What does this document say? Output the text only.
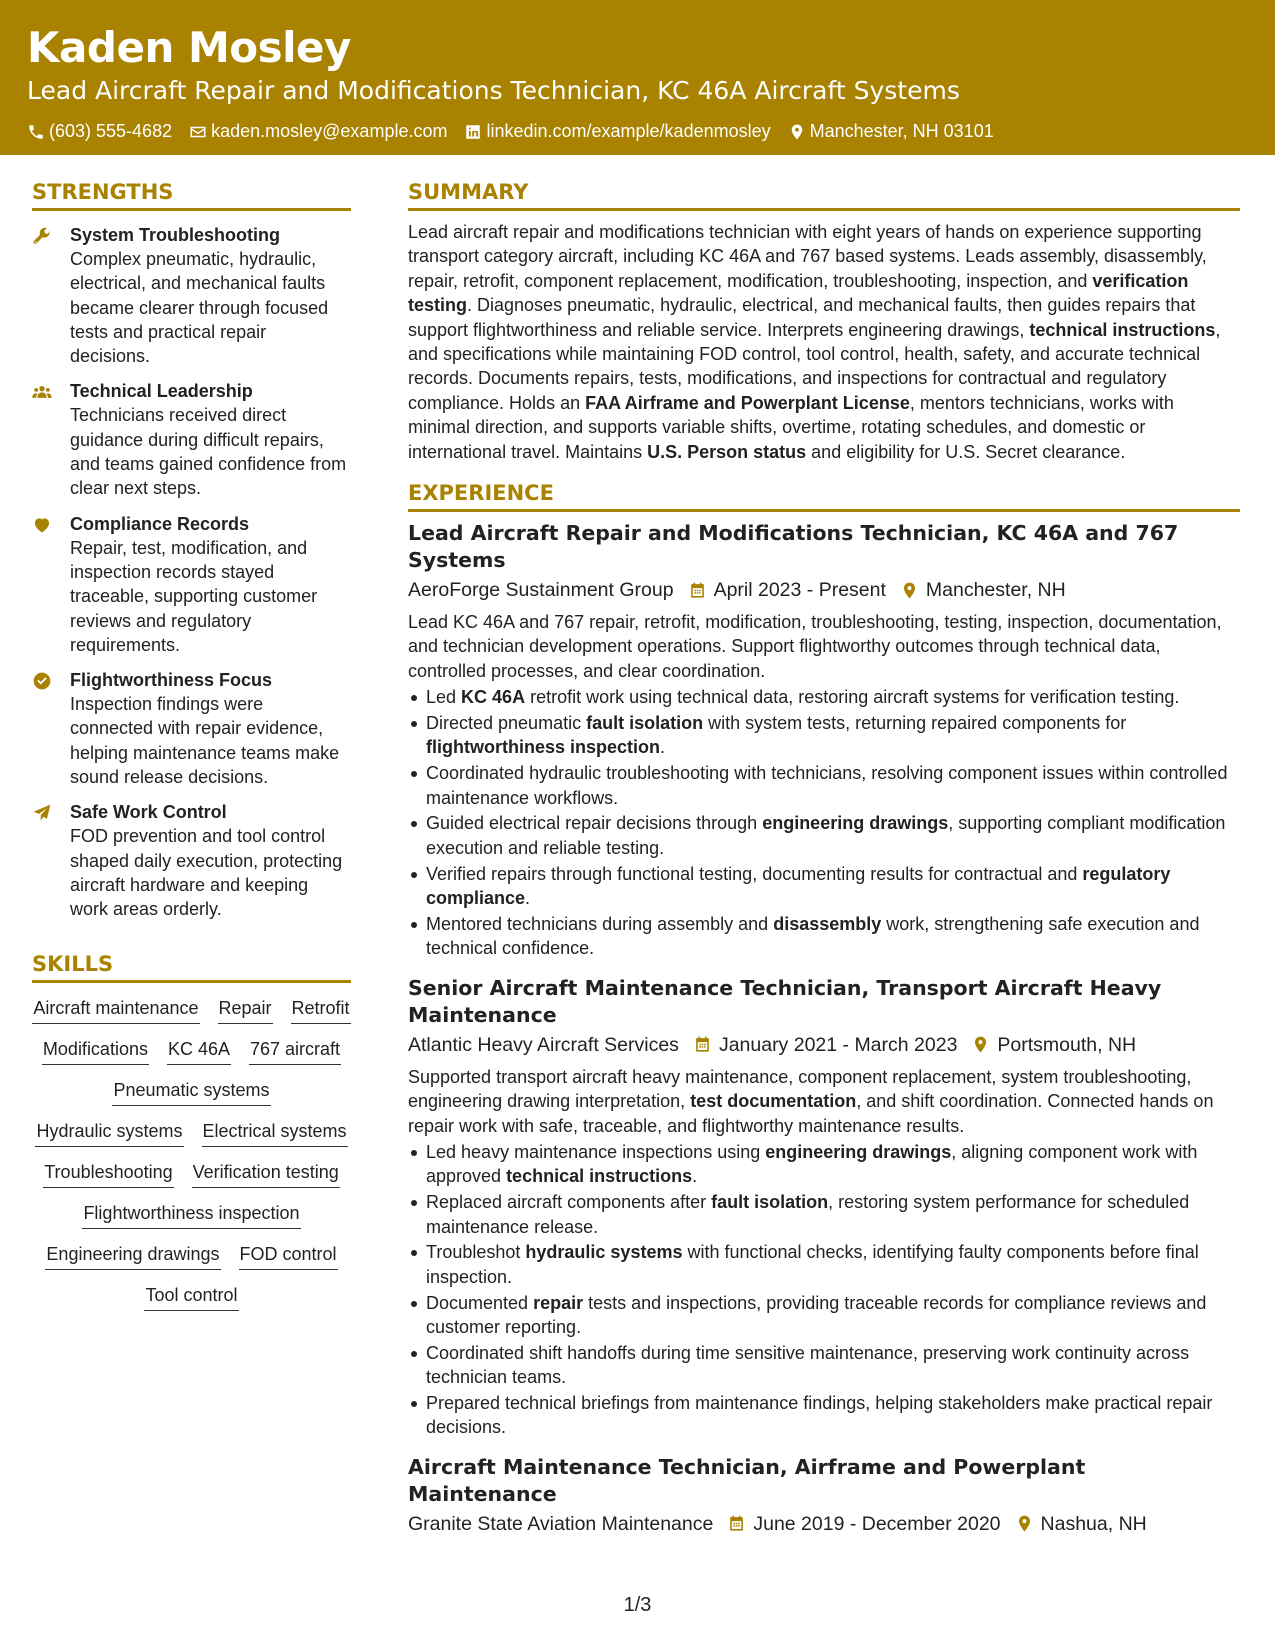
Kaden Mosley
Lead Aircraft Repair and Modifications Technician, KC 46A Aircraft Systems
(603) 555-4682 kaden.mosley@example.com linkedin.com/example/kadenmosley Manchester, NH 03101
STRENGTHS
System Troubleshooting
Complex pneumatic, hydraulic, electrical, and mechanical faults became clearer through focused tests and practical repair decisions.
Technical Leadership
Technicians received direct guidance during difficult repairs, and teams gained confidence from clear next steps.
Compliance Records
Repair, test, modification, and inspection records stayed traceable, supporting customer reviews and regulatory requirements.
Flightworthiness Focus
Inspection findings were connected with repair evidence, helping maintenance teams make sound release decisions.
Safe Work Control
FOD prevention and tool control shaped daily execution, protecting aircraft hardware and keeping work areas orderly.
SKILLS
Aircraft maintenance Repair Retrofit
Modifications KC 46A 767 aircraft
Pneumatic systems
Hydraulic systems Electrical systems
Troubleshooting Verification testing
Flightworthiness inspection
Engineering drawings FOD control
Tool control
SUMMARY
Lead aircraft repair and modifications technician with eight years of hands on experience supporting transport category aircraft, including KC 46A and 767 based systems. Leads assembly, disassembly, repair, retrofit, component replacement, modification, troubleshooting, inspection, and verification testing. Diagnoses pneumatic, hydraulic, electrical, and mechanical faults, then guides repairs that support flightworthiness and reliable service. Interprets engineering drawings, technical instructions, and specifications while maintaining FOD control, tool control, health, safety, and accurate technical records. Documents repairs, tests, modifications, and inspections for contractual and regulatory compliance. Holds an FAA Airframe and Powerplant License, mentors technicians, works with minimal direction, and supports variable shifts, overtime, rotating schedules, and domestic or international travel. Maintains U.S. Person status and eligibility for U.S. Secret clearance.
EXPERIENCE
Lead Aircraft Repair and Modifications Technician, KC 46A and 767 Systems
AeroForge Sustainment Group April 2023 - Present Manchester, NH
Lead KC 46A and 767 repair, retrofit, modification, troubleshooting, testing, inspection, documentation, and technician development operations. Support flightworthy outcomes through technical data, controlled processes, and clear coordination.
Led KC 46A retrofit work using technical data, restoring aircraft systems for verification testing.
Directed pneumatic fault isolation with system tests, returning repaired components for flightworthiness inspection.
Coordinated hydraulic troubleshooting with technicians, resolving component issues within controlled maintenance workflows.
Guided electrical repair decisions through engineering drawings, supporting compliant modification execution and reliable testing.
Verified repairs through functional testing, documenting results for contractual and regulatory compliance.
Mentored technicians during assembly and disassembly work, strengthening safe execution and technical confidence.
Senior Aircraft Maintenance Technician, Transport Aircraft Heavy Maintenance
Atlantic Heavy Aircraft Services January 2021 - March 2023 Portsmouth, NH
Supported transport aircraft heavy maintenance, component replacement, system troubleshooting, engineering drawing interpretation, test documentation, and shift coordination. Connected hands on repair work with safe, traceable, and flightworthy maintenance results.
Led heavy maintenance inspections using engineering drawings, aligning component work with approved technical instructions.
Replaced aircraft components after fault isolation, restoring system performance for scheduled maintenance release.
Troubleshot hydraulic systems with functional checks, identifying faulty components before final inspection.
Documented repair tests and inspections, providing traceable records for compliance reviews and customer reporting.
Coordinated shift handoffs during time sensitive maintenance, preserving work continuity across technician teams.
Prepared technical briefings from maintenance findings, helping stakeholders make practical repair decisions.
Aircraft Maintenance Technician, Airframe and Powerplant Maintenance
Granite State Aviation Maintenance June 2019 - December 2020 Nashua, NH
1/3
